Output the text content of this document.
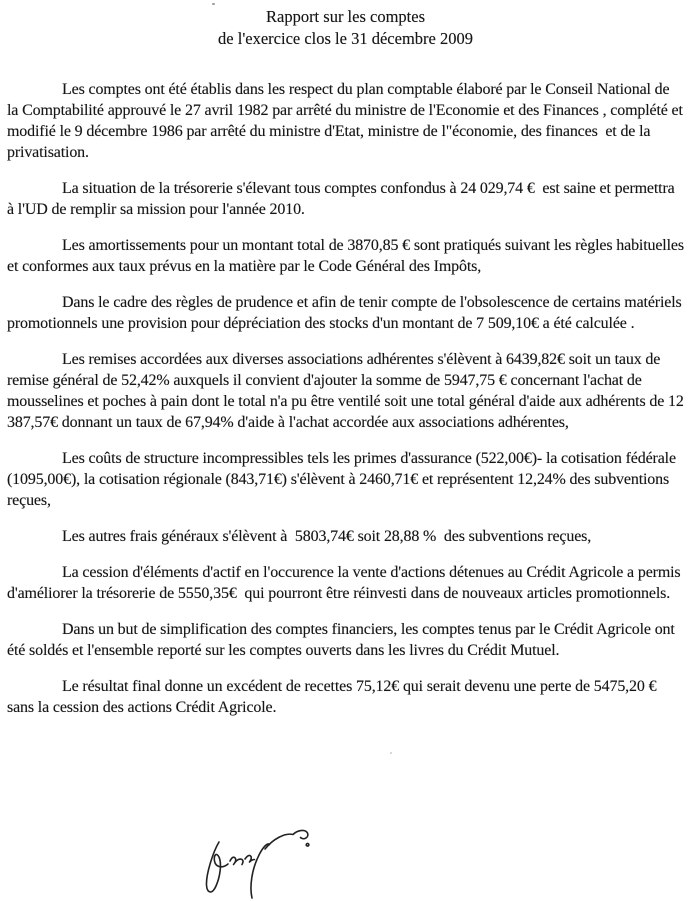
Rapport sur les comptes
de l'exercice clos le 31 décembre 2009

Les comptes ont été établis dans les respect du plan comptable élaboré par le Conseil National de la Comptabilité approuvé le 27 avril 1982 par arrêté du ministre de l'Economie et des Finances , complété et modifié le 9 décembre 1986 par arrêté du ministre d'Etat, ministre de l"économie, des finances  et de la privatisation.

La situation de la trésorerie s'élevant tous comptes confondus à 24 029,74 €  est saine et permettra à l'UD de remplir sa mission pour l'année 2010.

Les amortissements pour un montant total de 3870,85 € sont pratiqués suivant les règles habituelles et conformes aux taux prévus en la matière par le Code Général des Impôts,

Dans le cadre des règles de prudence et afin de tenir compte de l'obsolescence de certains matériels promotionnels une provision pour dépréciation des stocks d'un montant de 7 509,10€ a été calculée .

Les remises accordées aux diverses associations adhérentes s'élèvent à 6439,82€ soit un taux de remise général de 52,42% auxquels il convient d'ajouter la somme de 5947,75 € concernant l'achat de mousselines et poches à pain dont le total n'a pu être ventilé soit une total général d'aide aux adhérents de 12 387,57€ donnant un taux de 67,94% d'aide à l'achat accordée aux associations adhérentes,

Les coûts de structure incompressibles tels les primes d'assurance (522,00€)- la cotisation fédérale (1095,00€), la cotisation régionale (843,71€) s'élèvent à 2460,71€ et représentent 12,24% des subventions reçues,

Les autres frais généraux s'élèvent à  5803,74€ soit 28,88 %  des subventions reçues,

La cession d'éléments d'actif en l'occurence la vente d'actions détenues au Crédit Agricole a permis d'améliorer la trésorerie de 5550,35€  qui pourront être réinvesti dans de nouveaux articles promotionnels.

Dans un but de simplification des comptes financiers, les comptes tenus par le Crédit Agricole ont été soldés et l'ensemble reporté sur les comptes ouverts dans les livres du Crédit Mutuel.

Le résultat final donne un excédent de recettes 75,12€ qui serait devenu une perte de 5475,20 € sans la cession des actions Crédit Agricole.
